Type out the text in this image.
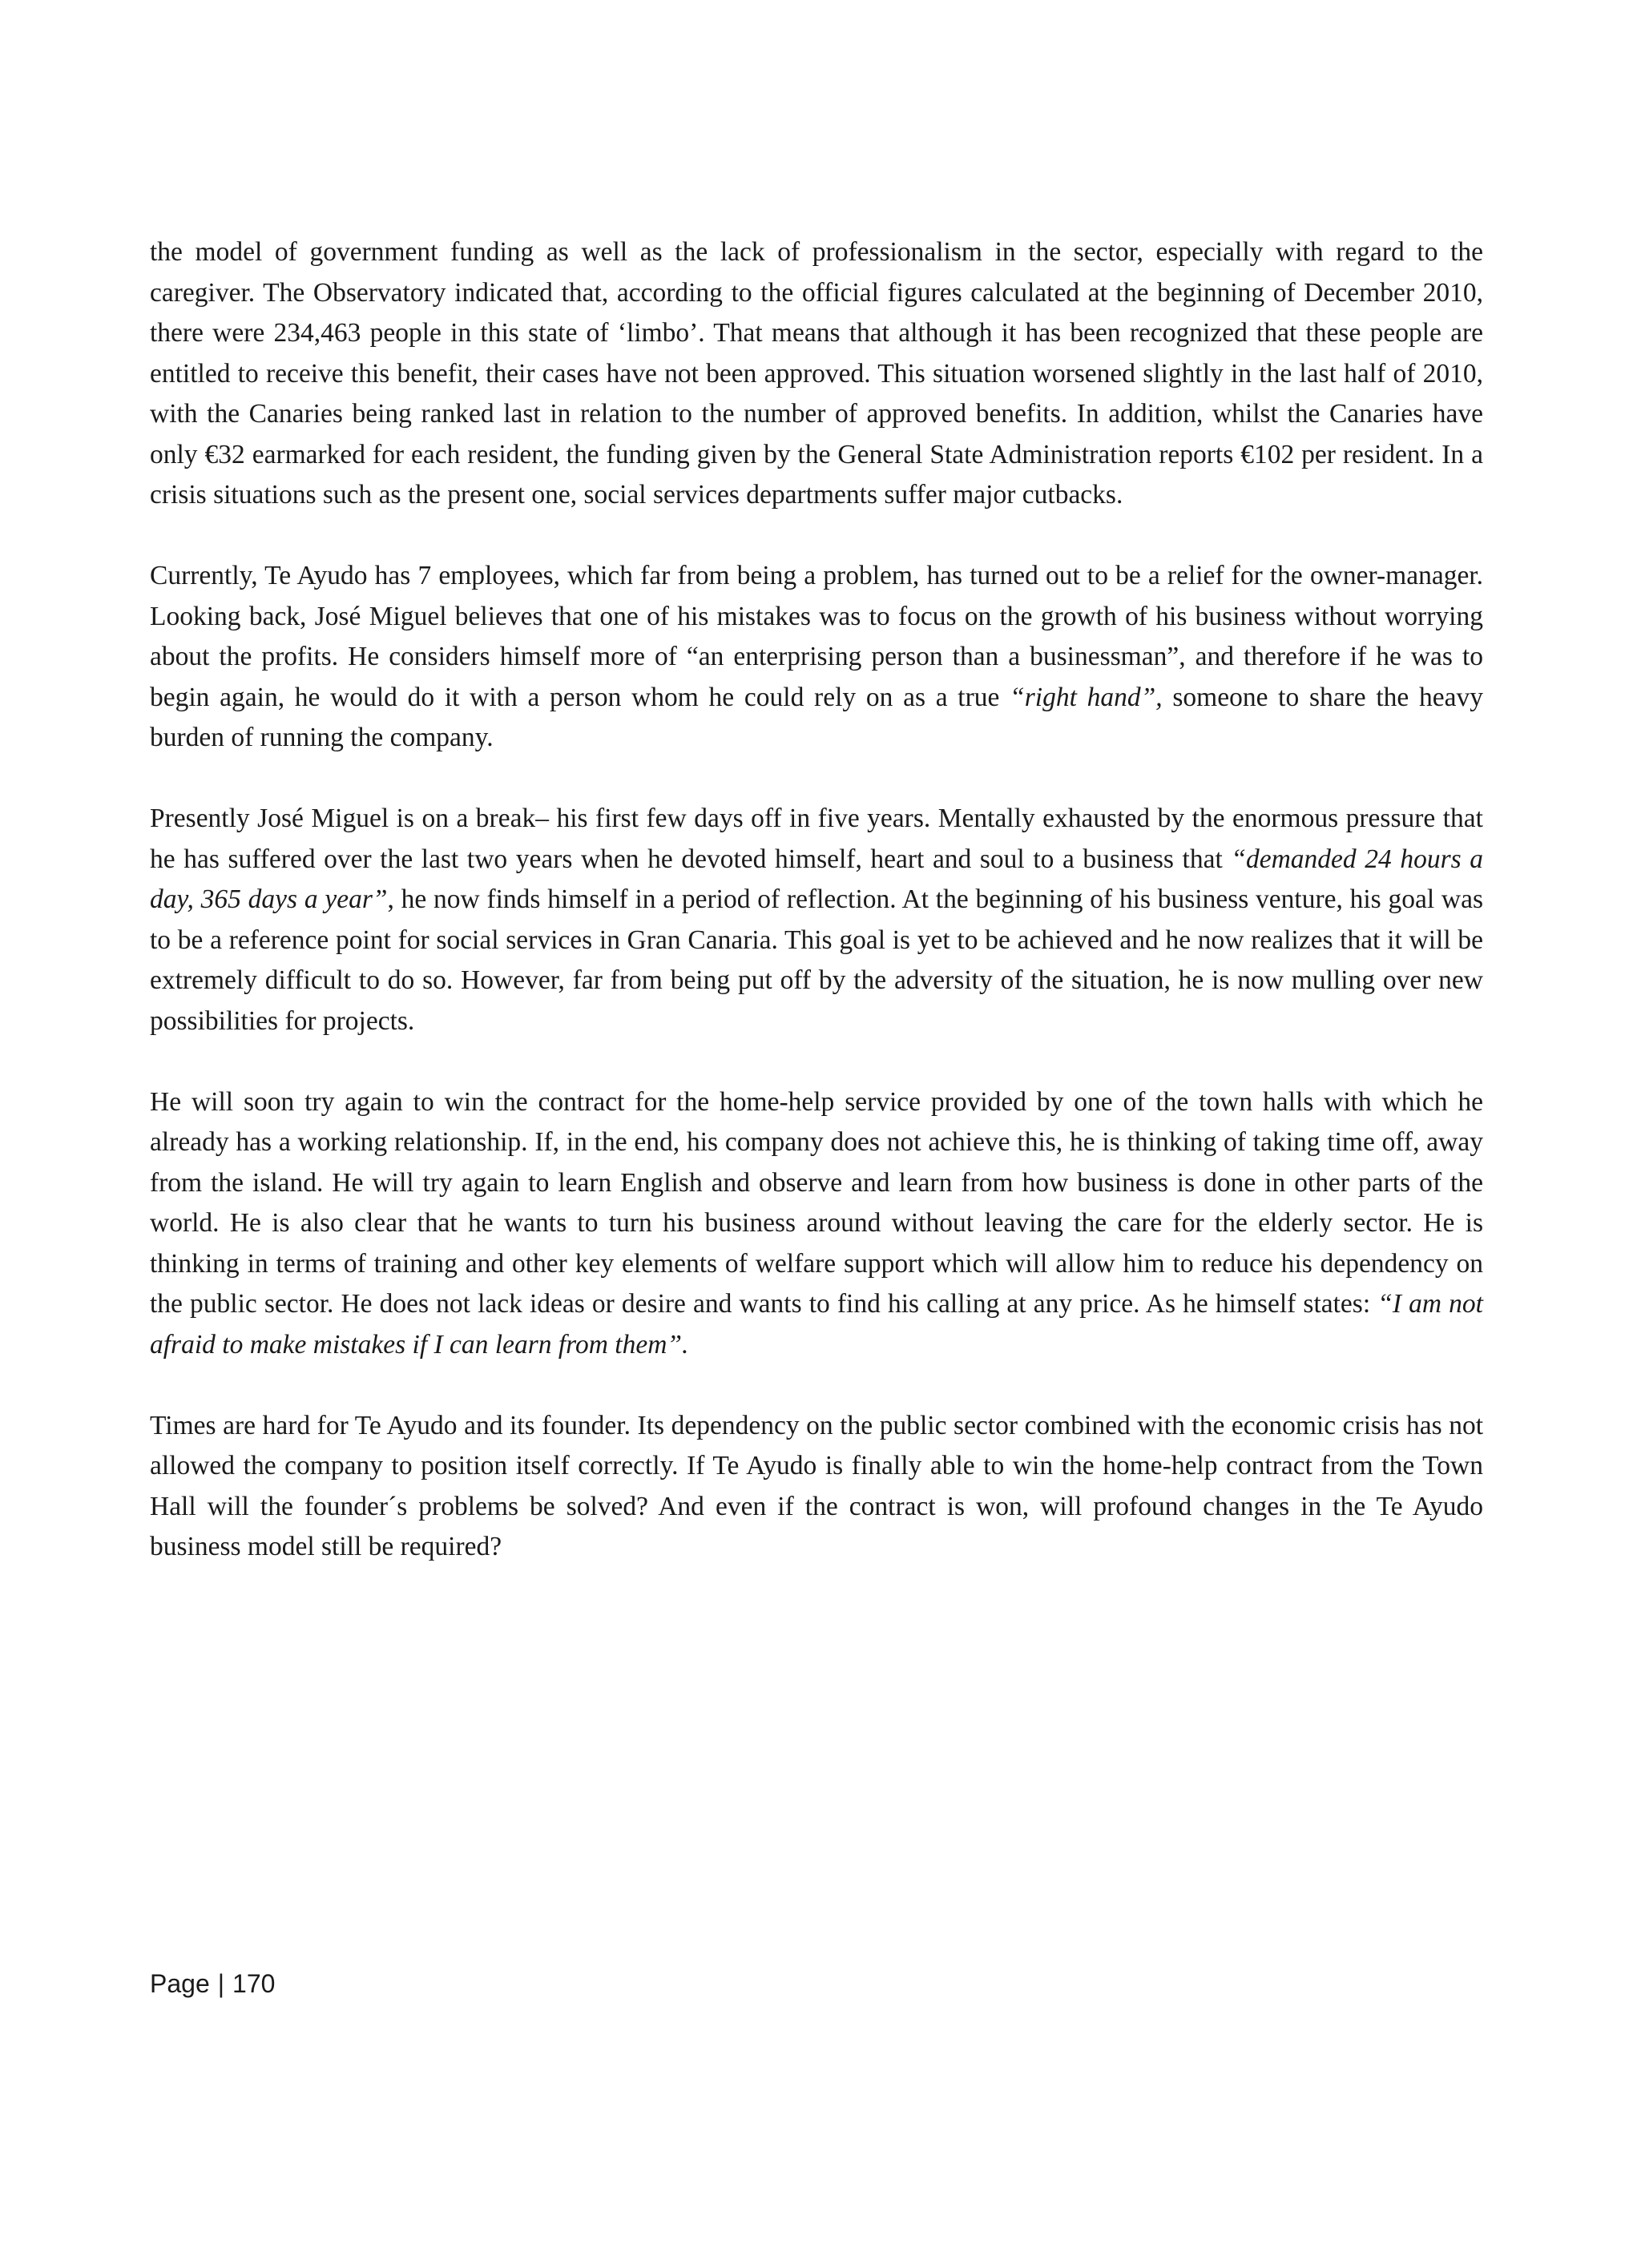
the model of government funding as well as the lack of professionalism in the sector, especially with regard to the caregiver. The Observatory indicated that, according to the official figures calculated at the beginning of December 2010, there were 234,463 people in this state of ‘limbo’. That means that although it has been recognized that these people are entitled to receive this benefit, their cases have not been approved. This situation worsened slightly in the last half of 2010, with the Canaries being ranked last in relation to the number of approved benefits. In addition, whilst the Canaries have only €32 earmarked for each resident, the funding given by the General State Administration reports €102 per resident. In a crisis situations such as the present one, social services departments suffer major cutbacks.

Currently, Te Ayudo has 7 employees, which far from being a problem, has turned out to be a relief for the owner-manager. Looking back, José Miguel believes that one of his mistakes was to focus on the growth of his business without worrying about the profits. He considers himself more of “an enterprising person than a businessman”, and therefore if he was to begin again, he would do it with a person whom he could rely on as a true “right hand”, someone to share the heavy burden of running the company.

Presently José Miguel is on a break– his first few days off in five years. Mentally exhausted by the enormous pressure that he has suffered over the last two years when he devoted himself, heart and soul to a business that “demanded 24 hours a day, 365 days a year”, he now finds himself in a period of reflection. At the beginning of his business venture, his goal was to be a reference point for social services in Gran Canaria. This goal is yet to be achieved and he now realizes that it will be extremely difficult to do so. However, far from being put off by the adversity of the situation, he is now mulling over new possibilities for projects.

He will soon try again to win the contract for the home-help service provided by one of the town halls with which he already has a working relationship. If, in the end, his company does not achieve this, he is thinking of taking time off, away from the island. He will try again to learn English and observe and learn from how business is done in other parts of the world. He is also clear that he wants to turn his business around without leaving the care for the elderly sector. He is thinking in terms of training and other key elements of welfare support which will allow him to reduce his dependency on the public sector. He does not lack ideas or desire and wants to find his calling at any price. As he himself states: “I am not afraid to make mistakes if I can learn from them”.

Times are hard for Te Ayudo and its founder. Its dependency on the public sector combined with the economic crisis has not allowed the company to position itself correctly. If Te Ayudo is finally able to win the home-help contract from the Town Hall will the founder´s problems be solved? And even if the contract is won, will profound changes in the Te Ayudo business model still be required?

Page | 170
